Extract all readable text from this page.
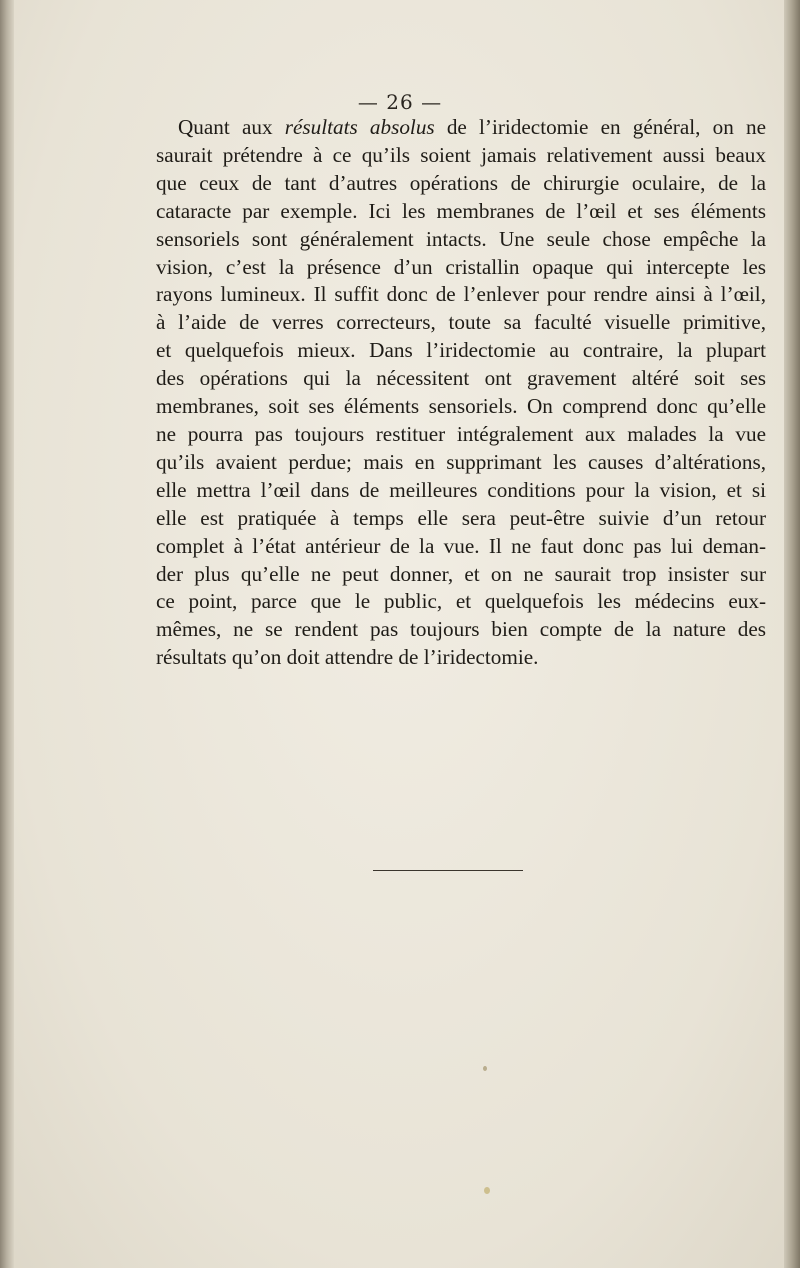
— 26 —
Quant aux résultats absolus de l’iridectomie en général, on ne
saurait prétendre à ce qu’ils soient jamais relativement aussi beaux
que ceux de tant d’autres opérations de chirurgie oculaire, de la
cataracte par exemple. Ici les membranes de l’œil et ses éléments
sensoriels sont généralement intacts. Une seule chose empêche la
vision, c’est la présence d’un cristallin opaque qui intercepte les
rayons lumineux. Il suffit donc de l’enlever pour rendre ainsi à l’œil,
à l’aide de verres correcteurs, toute sa faculté visuelle primitive,
et quelquefois mieux. Dans l’iridectomie au contraire, la plupart
des opérations qui la nécessitent ont gravement altéré soit ses
membranes, soit ses éléments sensoriels. On comprend donc qu’elle
ne pourra pas toujours restituer intégralement aux malades la vue
qu’ils avaient perdue; mais en supprimant les causes d’altérations,
elle mettra l’œil dans de meilleures conditions pour la vision, et si
elle est pratiquée à temps elle sera peut-être suivie d’un retour
complet à l’état antérieur de la vue. Il ne faut donc pas lui deman-
der plus qu’elle ne peut donner, et on ne saurait trop insister sur
ce point, parce que le public, et quelquefois les médecins eux-
mêmes, ne se rendent pas toujours bien compte de la nature des
résultats qu’on doit attendre de l’iridectomie.
